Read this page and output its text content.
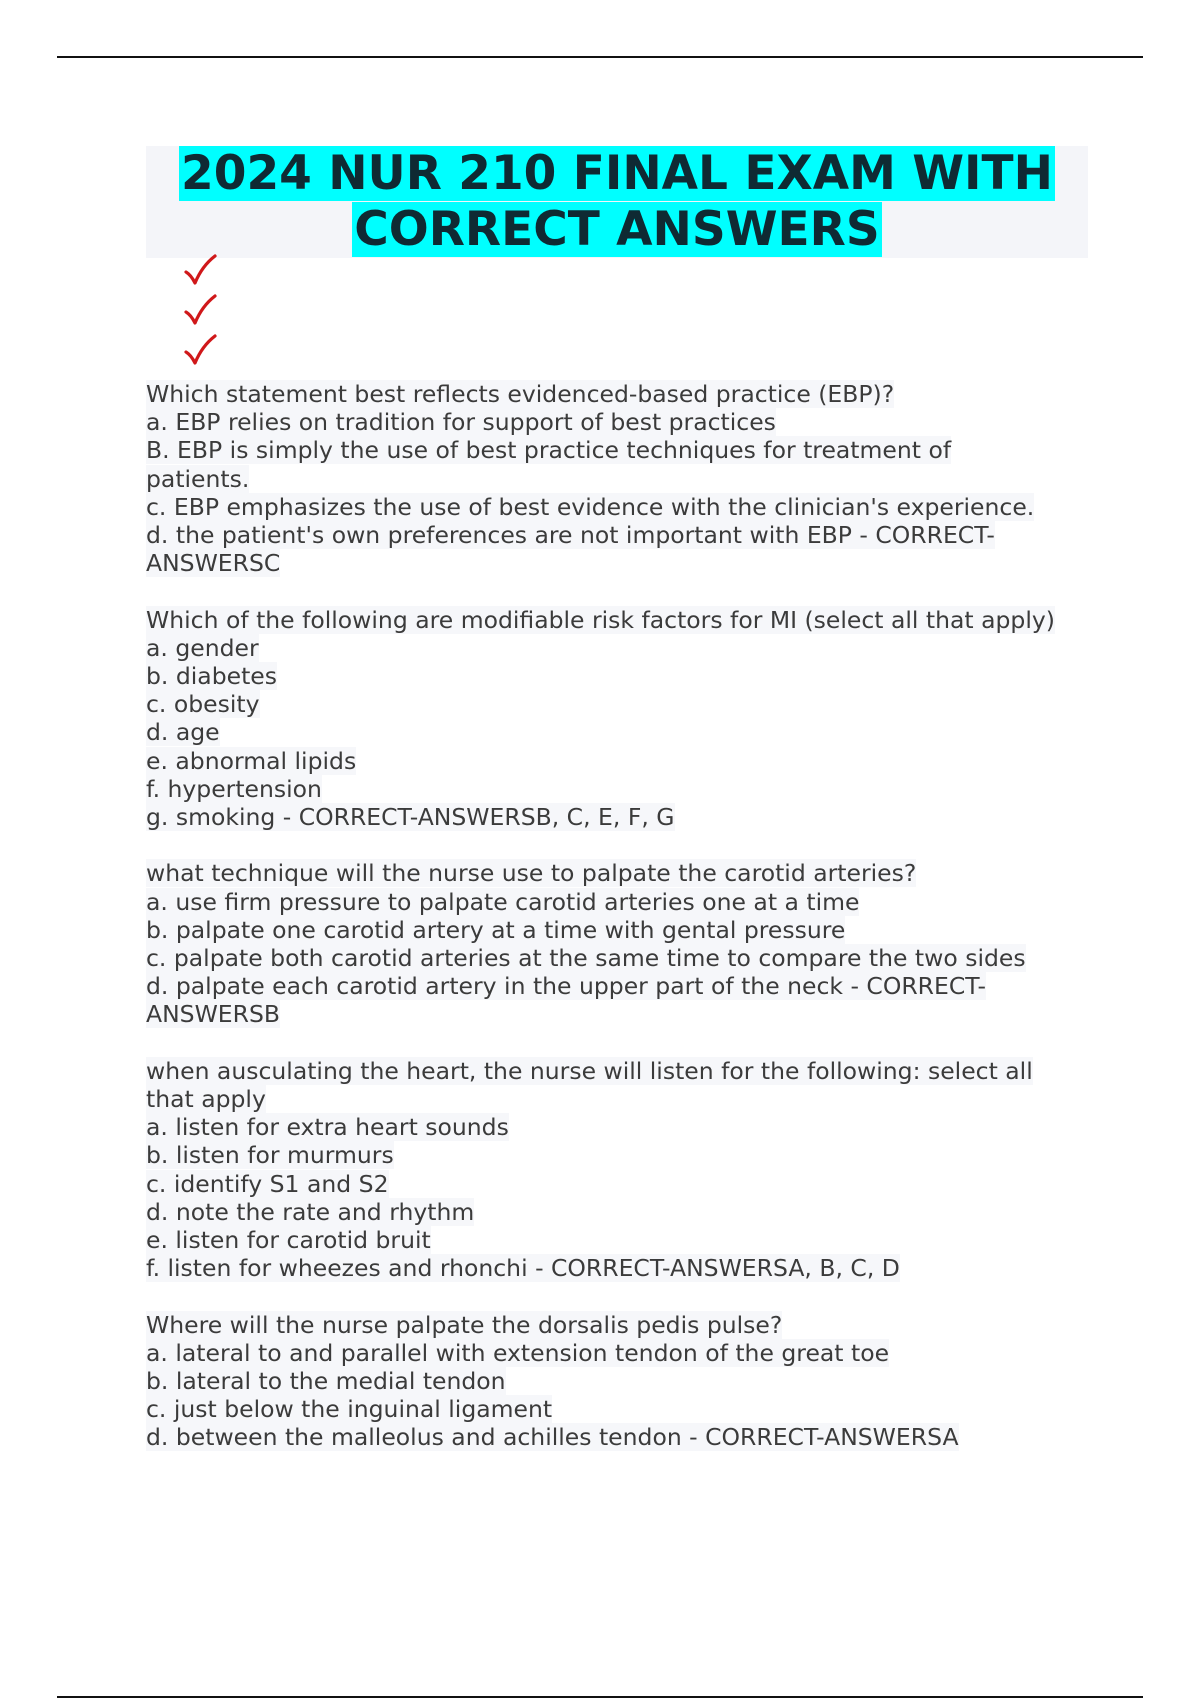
2024 NUR 210 FINAL EXAM WITH
CORRECT ANSWERS
Which statement best reflects evidenced-based practice (EBP)?
a. EBP relies on tradition for support of best practices
B. EBP is simply the use of best practice techniques for treatment of
patients.
c. EBP emphasizes the use of best evidence with the clinician's experience.
d. the patient's own preferences are not important with EBP - CORRECT-
ANSWERSC
Which of the following are modifiable risk factors for MI (select all that apply)
a. gender
b. diabetes
c. obesity
d. age
e. abnormal lipids
f. hypertension
g. smoking - CORRECT-ANSWERSB, C, E, F, G
what technique will the nurse use to palpate the carotid arteries?
a. use firm pressure to palpate carotid arteries one at a time
b. palpate one carotid artery at a time with gental pressure
c. palpate both carotid arteries at the same time to compare the two sides
d. palpate each carotid artery in the upper part of the neck - CORRECT-
ANSWERSB
when ausculating the heart, the nurse will listen for the following: select all
that apply
a. listen for extra heart sounds
b. listen for murmurs
c. identify S1 and S2
d. note the rate and rhythm
e. listen for carotid bruit
f. listen for wheezes and rhonchi - CORRECT-ANSWERSA, B, C, D
Where will the nurse palpate the dorsalis pedis pulse?
a. lateral to and parallel with extension tendon of the great toe
b. lateral to the medial tendon
c. just below the inguinal ligament
d. between the malleolus and achilles tendon - CORRECT-ANSWERSA
